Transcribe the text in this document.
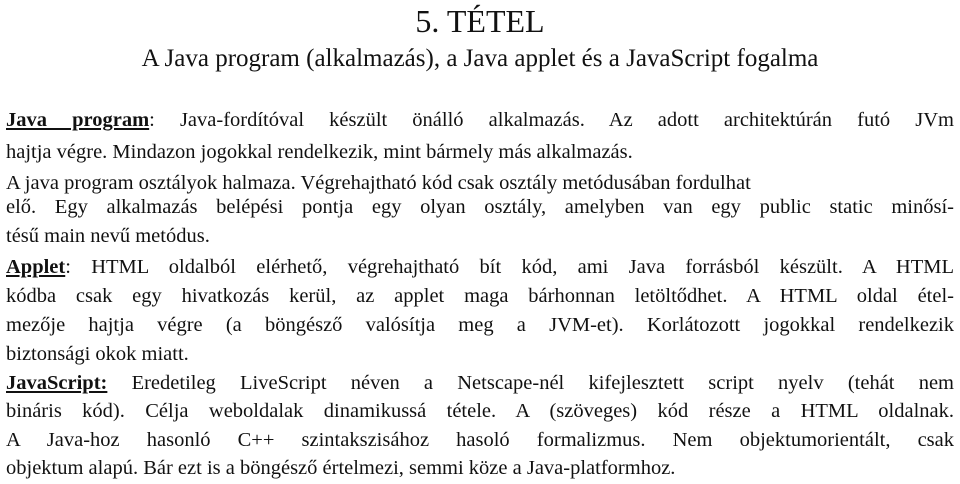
5. TÉTEL
A Java program (alkalmazás), a Java applet és a JavaScript fogalma
Java program: Java-fordítóval készült önálló alkalmazás. Az adott architektúrán futó JVm
hajtja végre. Mindazon jogokkal rendelkezik, mint bármely más alkalmazás.
A java program osztályok halmaza. Végrehajtható kód csak osztály metódusában fordulhat
elő. Egy alkalmazás belépési pontja egy olyan osztály, amelyben van egy public static minősí-
tésű main nevű metódus.
Applet: HTML oldalból elérhető, végrehajtható bít kód, ami Java forrásból készült. A HTML
kódba csak egy hivatkozás kerül, az applet maga bárhonnan letöltődhet. A HTML oldal étel-
mezője hajtja végre (a böngésző valósítja meg a JVM-et). Korlátozott jogokkal rendelkezik
biztonsági okok miatt.
JavaScript: Eredetileg LiveScript néven a Netscape-nél kifejlesztett script nyelv (tehát nem
bináris kód). Célja weboldalak dinamikussá tétele. A (szöveges) kód része a HTML oldalnak.
A Java-hoz hasonló C++ szintakszisához hasoló formalizmus. Nem objektumorientált, csak
objektum alapú. Bár ezt is a böngésző értelmezi, semmi köze a Java-platformhoz.
